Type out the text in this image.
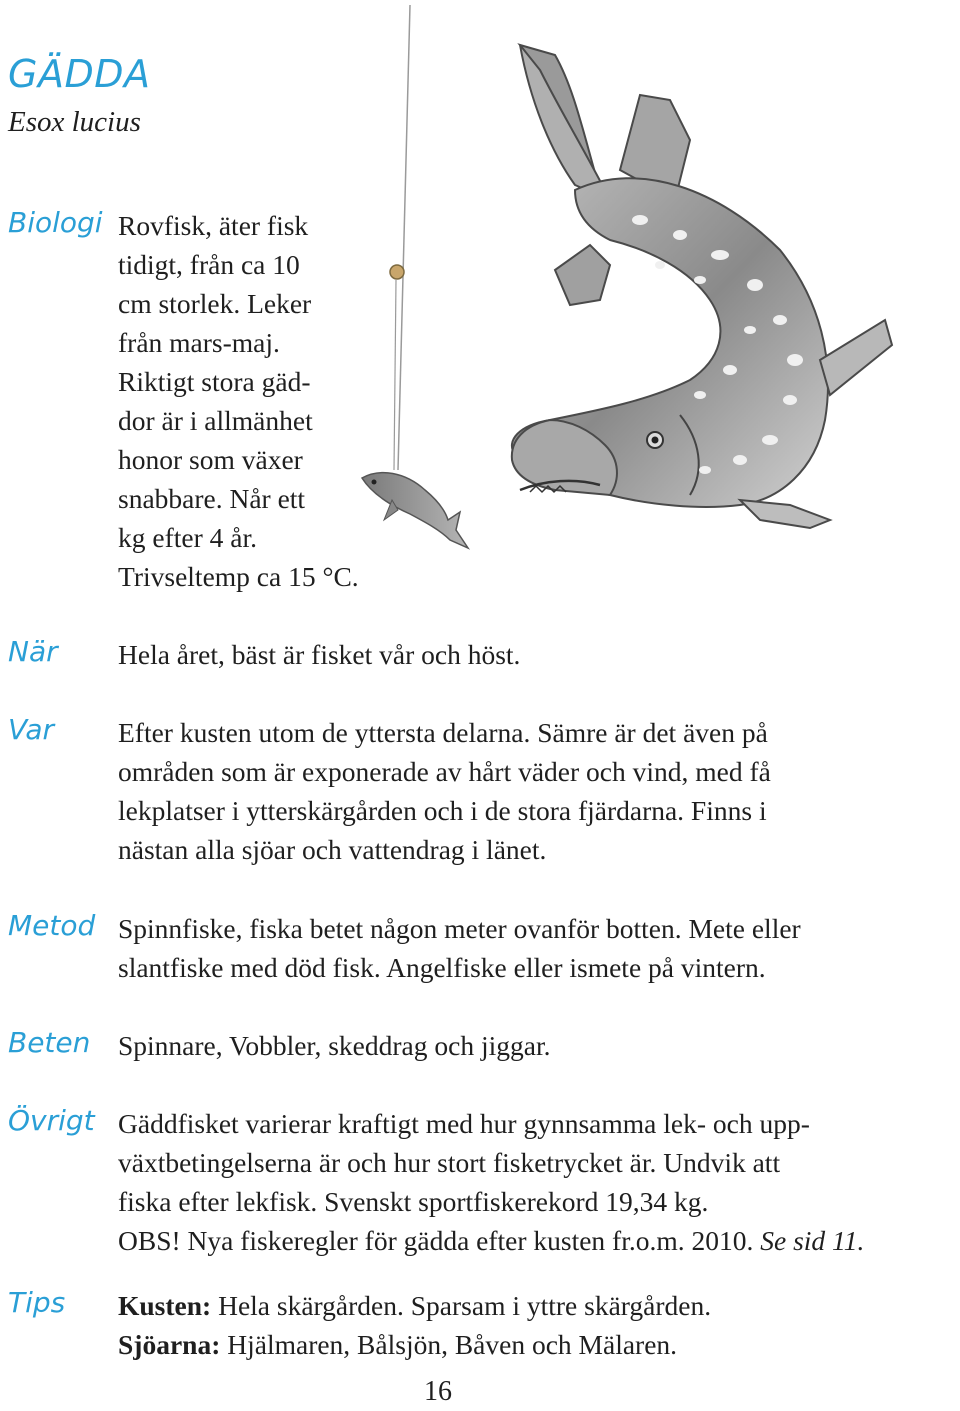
GÄDDA
Esox lucius
Biologi Rovfisk, äter fisk
tidigt, från ca 10
cm storlek. Leker
från mars-maj.
Riktigt stora gäd-
dor är i allmänhet
honor som växer
snabbare. Når ett
kg efter 4 år.
Trivseltemp ca 15 °C.
När Hela året, bäst är fisket vår och höst.
Var Efter kusten utom de yttersta delarna. Sämre är det även på
områden som är exponerade av hårt väder och vind, med få
lekplatser i ytterskärgården och i de stora fjärdarna. Finns i
nästan alla sjöar och vattendrag i länet.
Metod Spinnfiske, fiska betet någon meter ovanför botten. Mete eller
slantfiske med död fisk. Angelfiske eller ismete på vintern.
Beten Spinnare, Vobbler, skeddrag och jiggar.
Övrigt Gäddfisket varierar kraftigt med hur gynnsamma lek- och upp-
växtbetingelserna är och hur stort fisketrycket är. Undvik att
fiska efter lekfisk. Svenskt sportfiskerekord 19,34 kg.
OBS! Nya fiskeregler för gädda efter kusten fr.o.m. 2010. Se sid 11.
Tips Kusten: Hela skärgården. Sparsam i yttre skärgården.
Sjöarna: Hjälmaren, Bålsjön, Båven och Mälaren.
16
